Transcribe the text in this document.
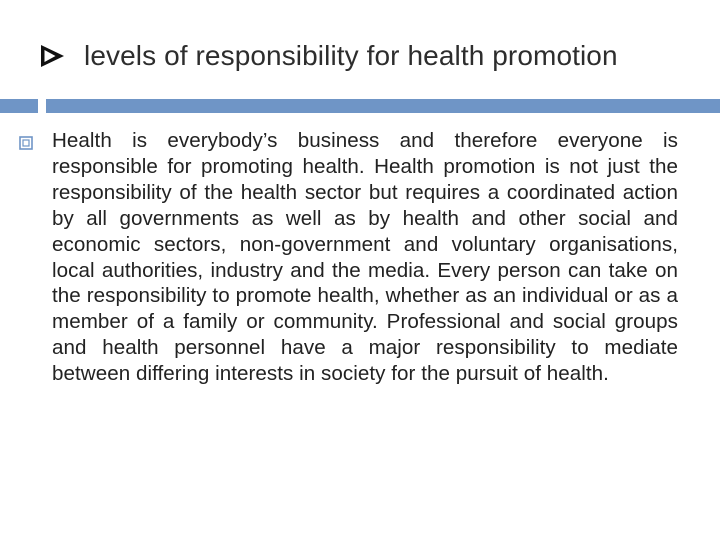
levels of responsibility for health promotion
Health is everybody’s business and therefore everyone is responsible for promoting health. Health promotion is not just the responsibility of the health sector but requires a coordinated action by all governments as well as by health and other social and economic sectors, non-government and voluntary organisations, local authorities, industry and the media. Every person can take on the responsibility to promote health, whether as an individual or as a member of a family or community. Professional and social groups and health personnel have a major responsibility to mediate between differing interests in society for the pursuit of health.
